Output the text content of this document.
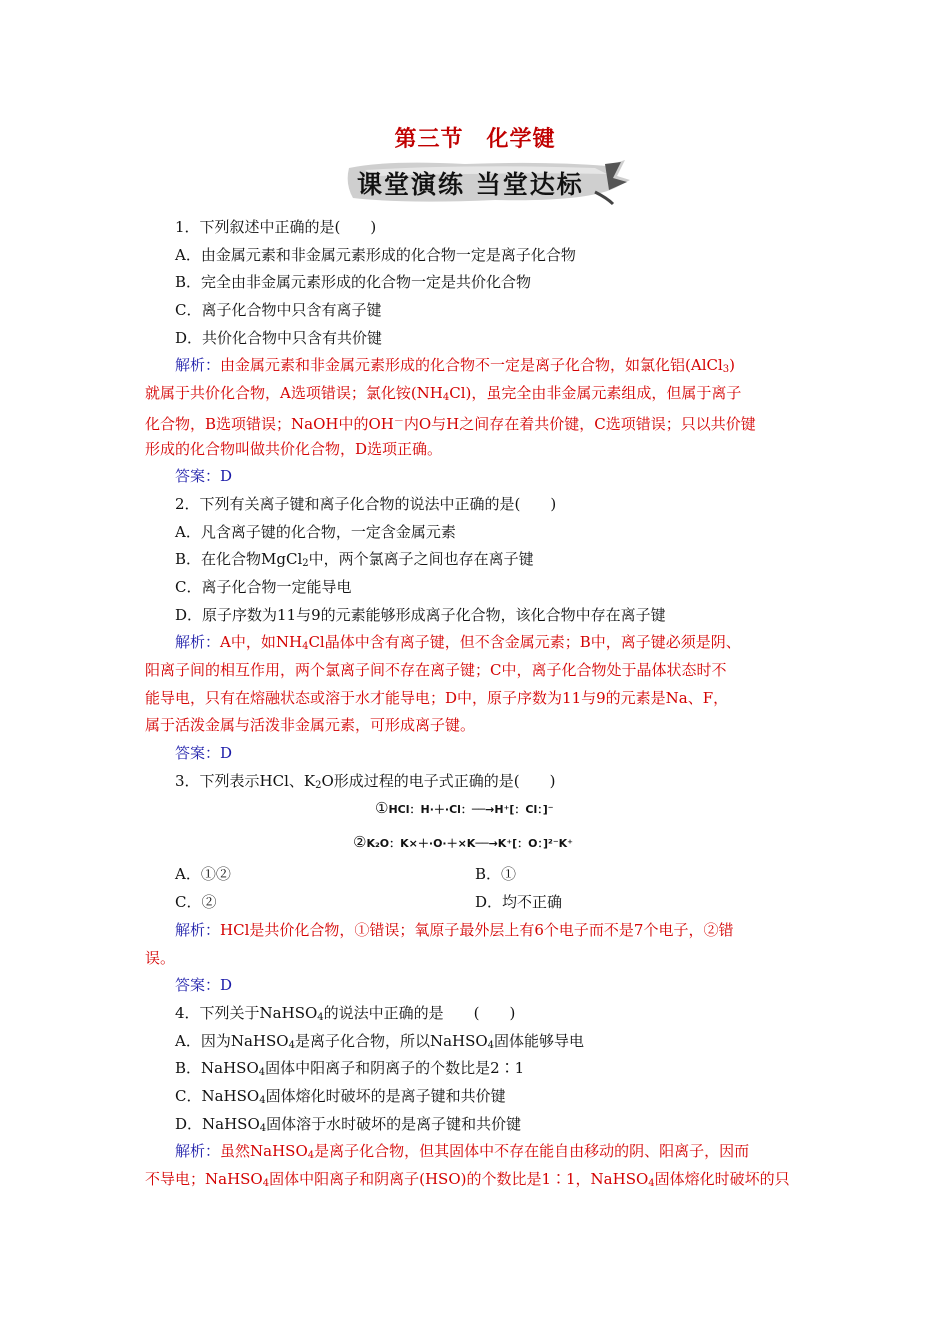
第三节　化学键
课堂演练 当堂达标
1．下列叙述中正确的是(　　)
A．由金属元素和非金属元素形成的化合物一定是离子化合物
B．完全由非金属元素形成的化合物一定是共价化合物
C．离子化合物中只含有离子键
D．共价化合物中只含有共价键
解析：由金属元素和非金属元素形成的化合物不一定是离子化合物，如氯化铝(AlCl$_3$)
就属于共价化合物，A选项错误；氯化铵$(NH_4Cl)$，虽完全由非金属元素组成，但属于离子
化合物，B选项错误；NaOH中的OH－内O与H之间存在着共价键，C选项错误；只以共价键
形成的化合物叫做共价化合物，D选项正确。
答案：D
2．下列有关离子键和离子化合物的说法中正确的是(　　)
A．凡含离子键的化合物，一定含金属元素
B．在化合物MgCl$_2$中，两个氯离子之间也存在离子键
C．离子化合物一定能导电
D．原子序数为11与9的元素能够形成离子化合物，该化合物中存在离子键
解析：A中，如$NH_4Cl$晶体中含有离子键，但不含金属元素；B中，离子键必须是阴、
阳离子间的相互作用，两个氯离子间不存在离子键；C中，离子化合物处于晶体状态时不
能导电，只有在熔融状态或溶于水才能导电；D中，原子序数为11与9的元素是Na、F，
属于活泼金属与活泼非金属元素，可形成离子键。
答案：D
3．下列表示HCl、$K_2O$形成过程的电子式正确的是(　　)
①HCl：H·＋·Cl：──→H⁺[：Cl：]⁻
②K₂O：K×＋·O·＋×K──→K⁺[：O：]²⁻K⁺
A．①②	B．①
C．②	D．均不正确
解析：HCl是共价化合物，①错误；氧原子最外层上有6个电子而不是7个电子，②错
误。
答案：D
4．下列关于NaHSO$_4$的说法中正确的是　　(　　)
A．因为NaHSO$_4$是离子化合物，所以NaHSO$_4$固体能够导电
B．NaHSO$_4$固体中阳离子和阴离子的个数比是2∶1
C．NaHSO$_4$固体熔化时破坏的是离子键和共价键
D．NaHSO$_4$固体溶于水时破坏的是离子键和共价键
解析：虽然NaHSO$_4$是离子化合物，但其固体中不存在能自由移动的阴、阳离子，因而
不导电；NaHSO$_4$固体中阳离子和阴离子(HSO)的个数比是1∶1，NaHSO$_4$固体熔化时破坏的只
